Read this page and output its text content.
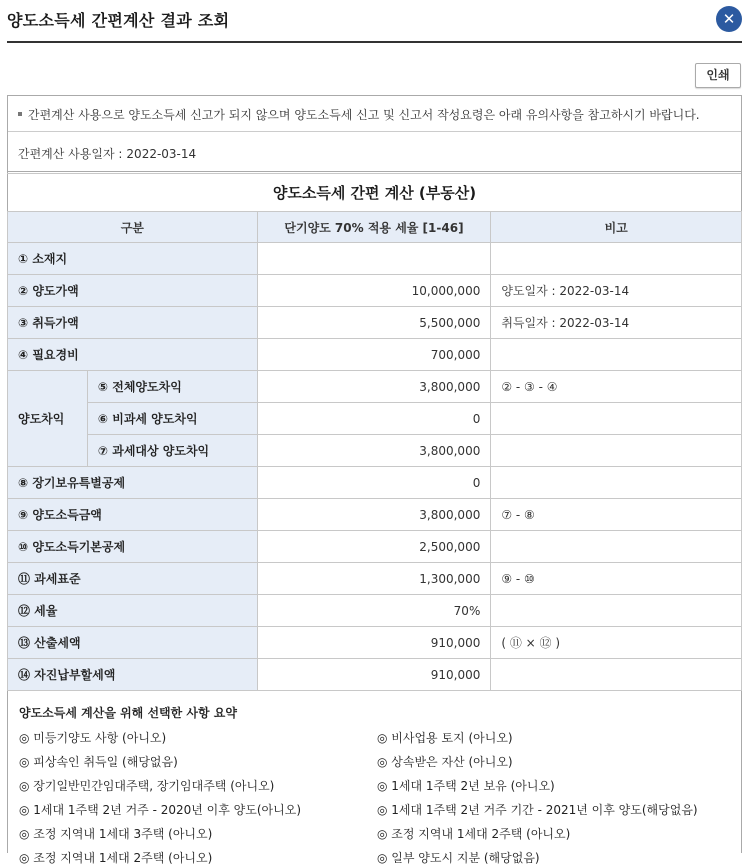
양도소득세 간편계산 결과 조회	✕
인쇄
간편계산 사용으로 양도소득세 신고가 되지 않으며 양도소득세 신고 및 신고서 작성요령은 아래 유의사항을 참고하시기 바랍니다.
간편계산 사용일자 : 2022-03-14
양도소득세 간편 계산 (부동산)			
구분		단기양도 70% 적용 세율 [1-46]	비고
① 소재지			
② 양도가액		10,000,000	양도일자 : 2022-03-14
③ 취득가액		5,500,000	취득일자 : 2022-03-14
④ 필요경비		700,000	
양도차익	⑤ 전체양도차익	3,800,000	② - ③ - ④
	⑥ 비과세 양도차익	0	
	⑦ 과세대상 양도차익	3,800,000	
⑧ 장기보유특별공제		0	
⑨ 양도소득금액		3,800,000	⑦ - ⑧
⑩ 양도소득기본공제		2,500,000	
⑪ 과세표준		1,300,000	⑨ - ⑩
⑫ 세율		70%	
⑬ 산출세액		910,000	( ⑪ × ⑫ )
⑭ 자진납부할세액		910,000	
양도소득세 계산을 위해 선택한 사항 요약
◎ 미등기양도 사항 (아니오)	◎ 비사업용 토지 (아니오)
◎ 피상속인 취득일 (해당없음)	◎ 상속받은 자산 (아니오)
◎ 장기일반민간임대주택, 장기임대주택 (아니오)	◎ 1세대 1주택 2년 보유 (아니오)
◎ 1세대 1주택 2년 거주 - 2020년 이후 양도(아니오)	◎ 1세대 1주택 2년 거주 기간 - 2021년 이후 양도(해당없음)
◎ 조정 지역내 1세대 3주택 (아니오)	◎ 조정 지역내 1세대 2주택 (아니오)
◎ 조정 지역내 1세대 2주택 (아니오)	◎ 일부 양도시 지분 (해당없음)
